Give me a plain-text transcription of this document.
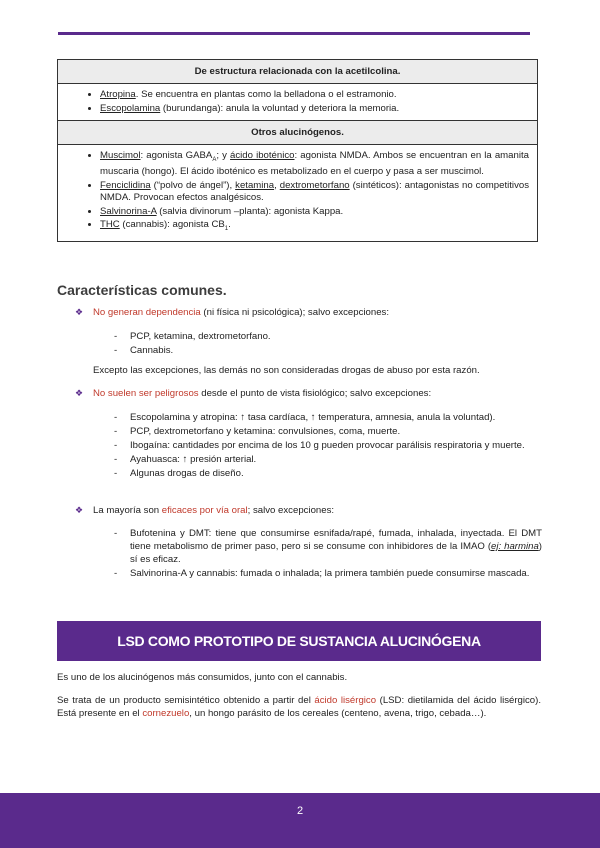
De estructura relacionada con la acetilcolina.

• Atropina. Se encuentra en plantas como la belladona o el estramonio.
• Escopolamina (burundanga): anula la voluntad y deteriora la memoria.

Otros alucinógenos.

• Muscimol: agonista $GABA_A$; y ácido iboténico: agonista NMDA. Ambos se encuentran en la amanita muscaria (hongo). El ácido iboténico es metabolizado en el cuerpo y pasa a ser muscimol.
• Fenciclidina (“polvo de ángel”), ketamina, dextrometorfano (sintéticos): antagonistas no competitivos NMDA. Provocan efectos analgésicos.
• Salvinorina-A (salvia divinorum –planta): agonista Kappa.
• THC (cannabis): agonista $CB_1$.
Características comunes.
❖ No generan dependencia (ni física ni psicológica); salvo excepciones:
- PCP, ketamina, dextrometorfano.
- Cannabis.
Excepto las excepciones, las demás no son consideradas drogas de abuso por esta razón.
❖ No suelen ser peligrosos desde el punto de vista fisiológico; salvo excepciones:
- Escopolamina y atropina: ↑ tasa cardíaca, ↑ temperatura, amnesia, anula la voluntad).
- PCP, dextrometorfano y ketamina: convulsiones, coma, muerte.
- Ibogaína: cantidades por encima de los 10 g pueden provocar parálisis respiratoria y muerte.
- Ayahuasca: ↑ presión arterial.
- Algunas drogas de diseño.
❖ La mayoría son eficaces por vía oral; salvo excepciones:
- Bufotenina y DMT: tiene que consumirse esnifada/rapé, fumada, inhalada, inyectada. El DMT tiene metabolismo de primer paso, pero si se consume con inhibidores de la IMAO (ej: harmina) sí es eficaz.
- Salvinorina-A y cannabis: fumada o inhalada; la primera también puede consumirse mascada.
LSD COMO PROTOTIPO DE SUSTANCIA ALUCINÓGENA
Es uno de los alucinógenos más consumidos, junto con el cannabis.
Se trata de un producto semisintético obtenido a partir del ácido lisérgico (LSD: dietilamida del ácido lisérgico). Está presente en el cornezuelo, un hongo parásito de los cereales (centeno, avena, trigo, cebada…).
2
